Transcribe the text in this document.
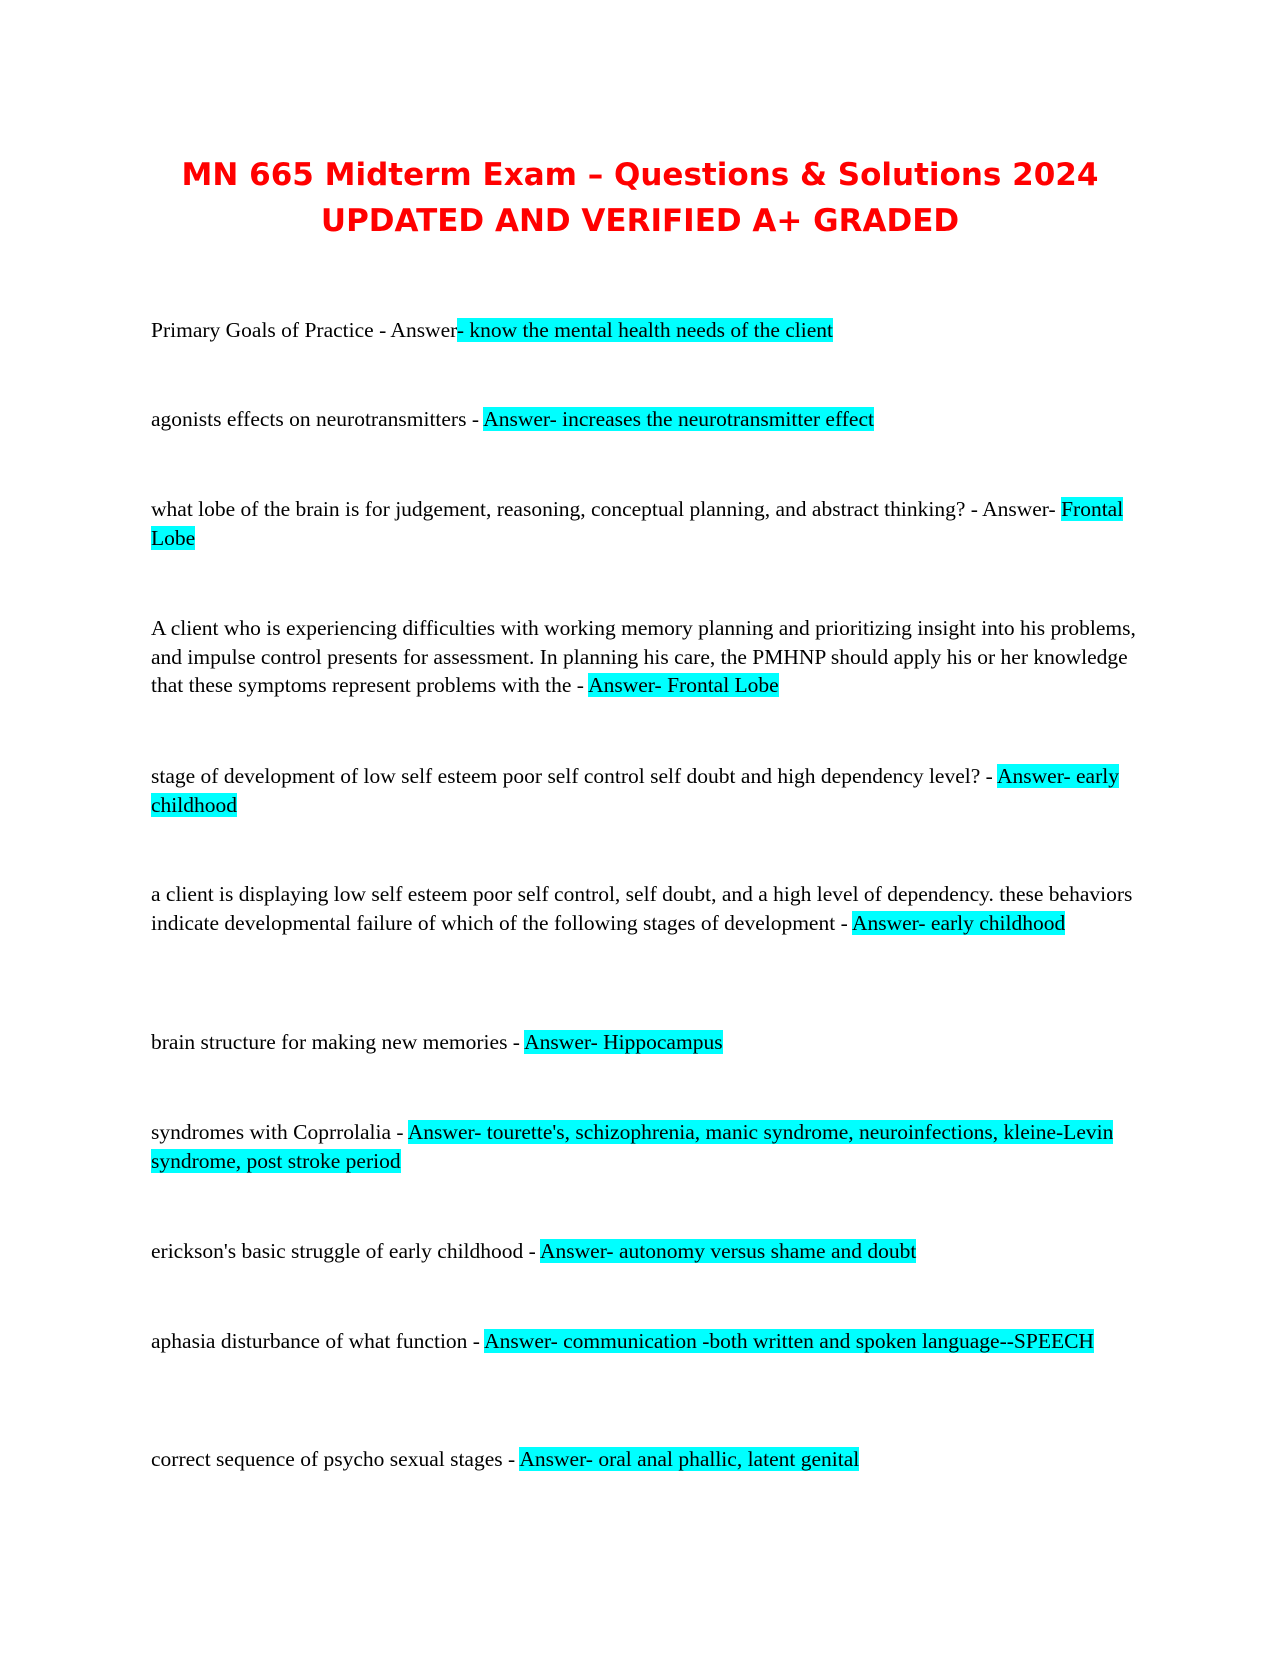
MN 665 Midterm Exam – Questions & Solutions 2024
UPDATED AND VERIFIED A+ GRADED

Primary Goals of Practice - Answer- know the mental health needs of the client

agonists effects on neurotransmitters - Answer- increases the neurotransmitter effect

what lobe of the brain is for judgement, reasoning, conceptual planning, and abstract thinking? - Answer- Frontal Lobe

A client who is experiencing difficulties with working memory planning and prioritizing insight into his problems, and impulse control presents for assessment. In planning his care, the PMHNP should apply his or her knowledge that these symptoms represent problems with the - Answer- Frontal Lobe

stage of development of low self esteem poor self control self doubt and high dependency level? - Answer- early childhood

a client is displaying low self esteem poor self control, self doubt, and a high level of dependency. these behaviors indicate developmental failure of which of the following stages of development - Answer- early childhood

brain structure for making new memories - Answer- Hippocampus

syndromes with Coprrolalia - Answer- tourette's, schizophrenia, manic syndrome, neuroinfections, kleine-Levin syndrome, post stroke period

erickson's basic struggle of early childhood - Answer- autonomy versus shame and doubt

aphasia disturbance of what function - Answer- communication -both written and spoken language--SPEECH

correct sequence of psycho sexual stages - Answer- oral anal phallic, latent genital
